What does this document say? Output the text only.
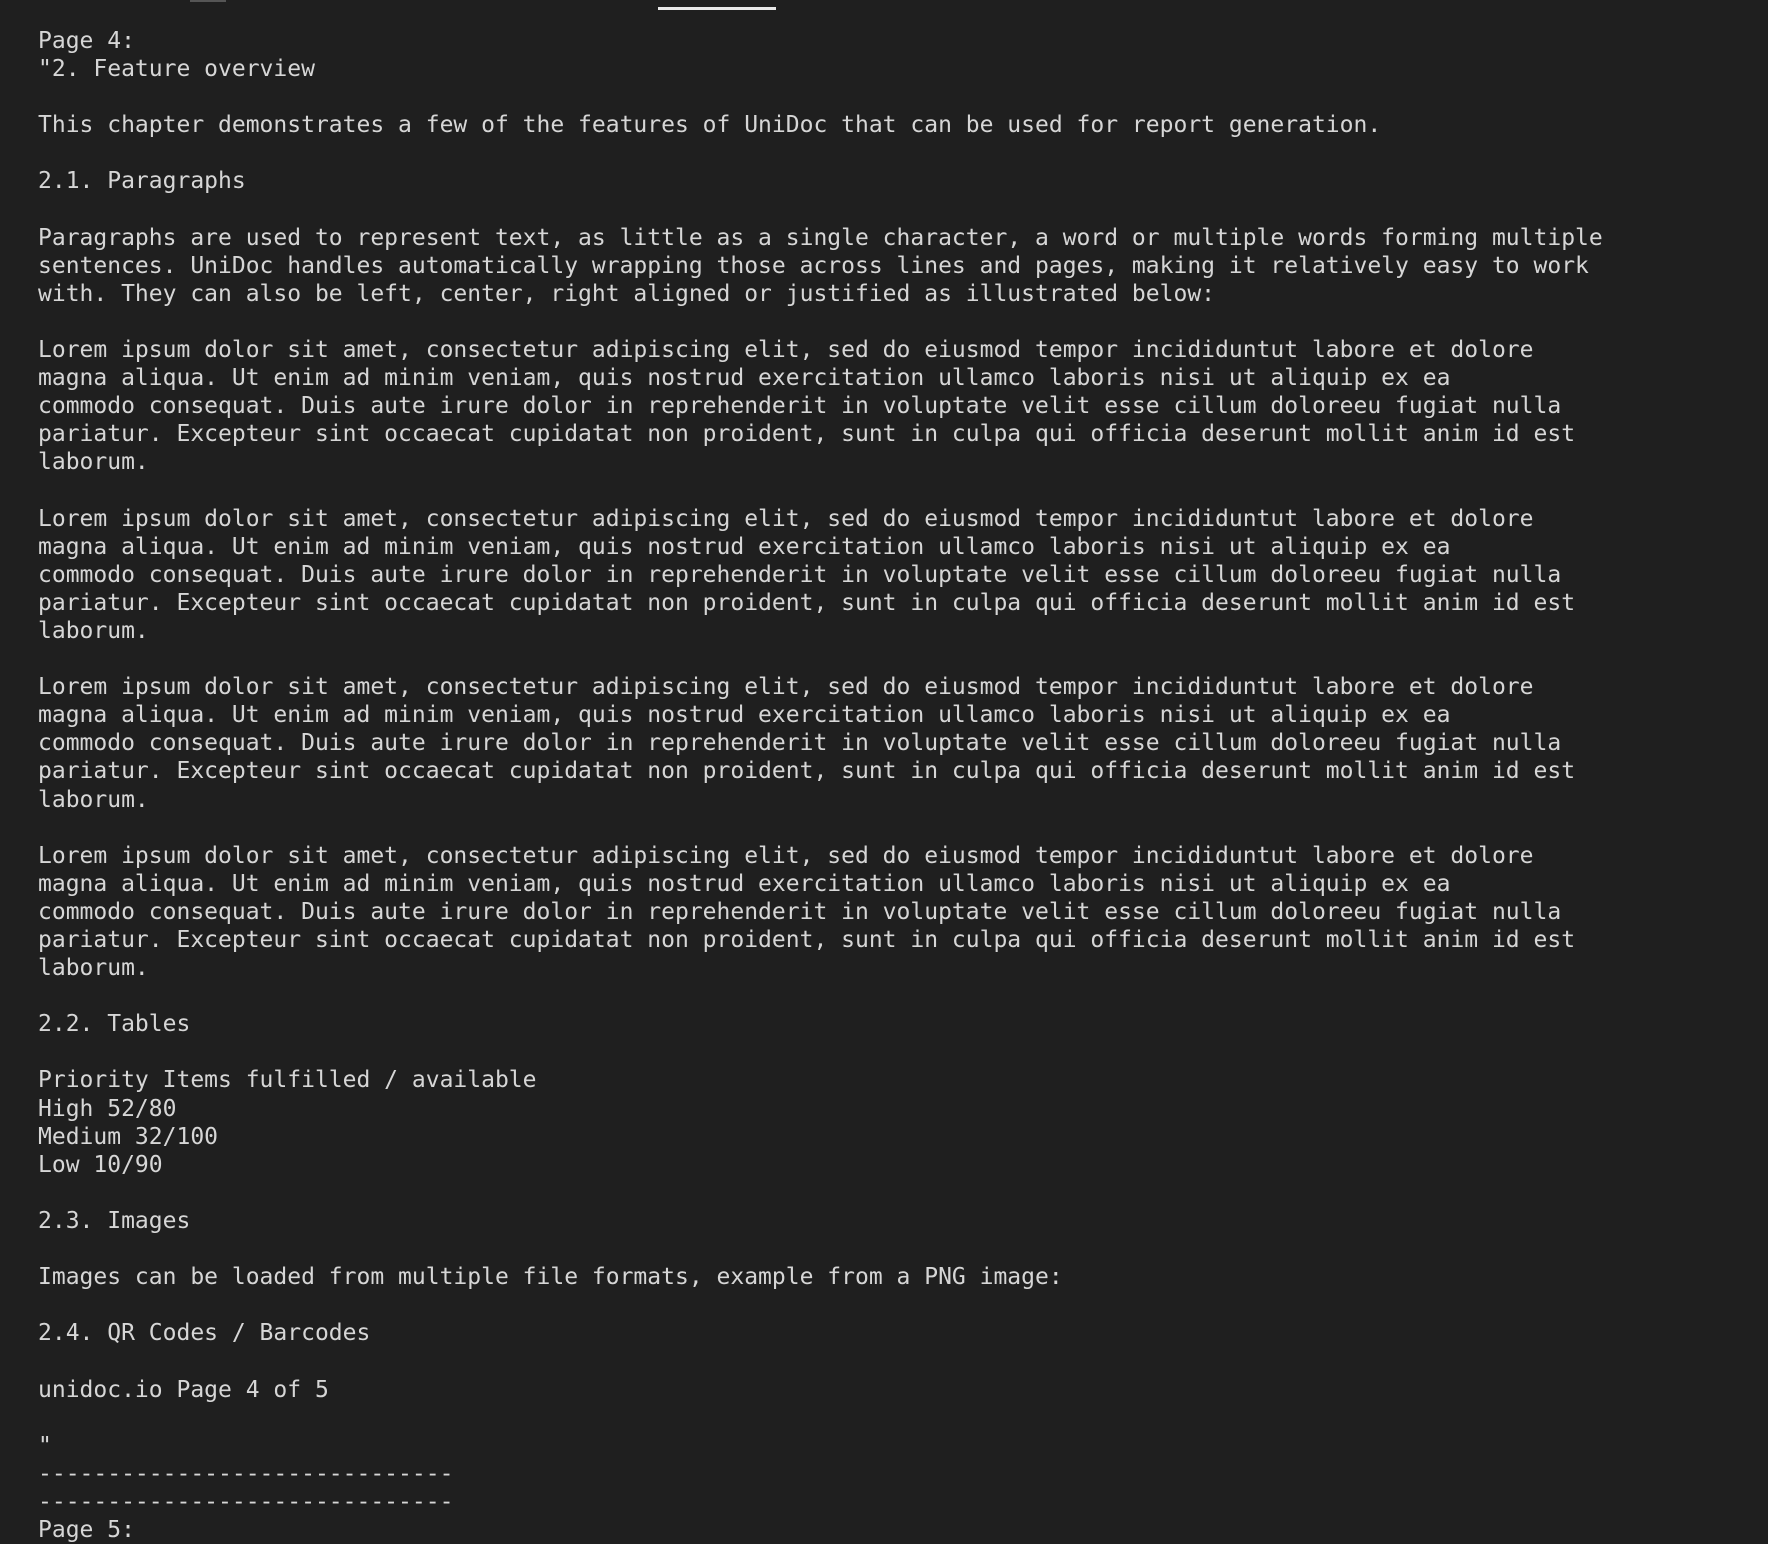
Page 4:
"2. Feature overview
This chapter demonstrates a few of the features of UniDoc that can be used for report generation.
2.1. Paragraphs
Paragraphs are used to represent text, as little as a single character, a word or multiple words forming multiple
sentences. UniDoc handles automatically wrapping those across lines and pages, making it relatively easy to work
with. They can also be left, center, right aligned or justified as illustrated below:
Lorem ipsum dolor sit amet, consectetur adipiscing elit, sed do eiusmod tempor incididuntut labore et dolore
magna aliqua. Ut enim ad minim veniam, quis nostrud exercitation ullamco laboris nisi ut aliquip ex ea
commodo consequat. Duis aute irure dolor in reprehenderit in voluptate velit esse cillum doloreeu fugiat nulla
pariatur. Excepteur sint occaecat cupidatat non proident, sunt in culpa qui officia deserunt mollit anim id est
laborum.
Lorem ipsum dolor sit amet, consectetur adipiscing elit, sed do eiusmod tempor incididuntut labore et dolore
magna aliqua. Ut enim ad minim veniam, quis nostrud exercitation ullamco laboris nisi ut aliquip ex ea
commodo consequat. Duis aute irure dolor in reprehenderit in voluptate velit esse cillum doloreeu fugiat nulla
pariatur. Excepteur sint occaecat cupidatat non proident, sunt in culpa qui officia deserunt mollit anim id est
laborum.
Lorem ipsum dolor sit amet, consectetur adipiscing elit, sed do eiusmod tempor incididuntut labore et dolore
magna aliqua. Ut enim ad minim veniam, quis nostrud exercitation ullamco laboris nisi ut aliquip ex ea
commodo consequat. Duis aute irure dolor in reprehenderit in voluptate velit esse cillum doloreeu fugiat nulla
pariatur. Excepteur sint occaecat cupidatat non proident, sunt in culpa qui officia deserunt mollit anim id est
laborum.
Lorem ipsum dolor sit amet, consectetur adipiscing elit, sed do eiusmod tempor incididuntut labore et dolore
magna aliqua. Ut enim ad minim veniam, quis nostrud exercitation ullamco laboris nisi ut aliquip ex ea
commodo consequat. Duis aute irure dolor in reprehenderit in voluptate velit esse cillum doloreeu fugiat nulla
pariatur. Excepteur sint occaecat cupidatat non proident, sunt in culpa qui officia deserunt mollit anim id est
laborum.
2.2. Tables
Priority Items fulfilled / available
High 52/80
Medium 32/100
Low 10/90
2.3. Images
Images can be loaded from multiple file formats, example from a PNG image:
2.4. QR Codes / Barcodes
unidoc.io Page 4 of 5
"
------------------------------
------------------------------
Page 5:
